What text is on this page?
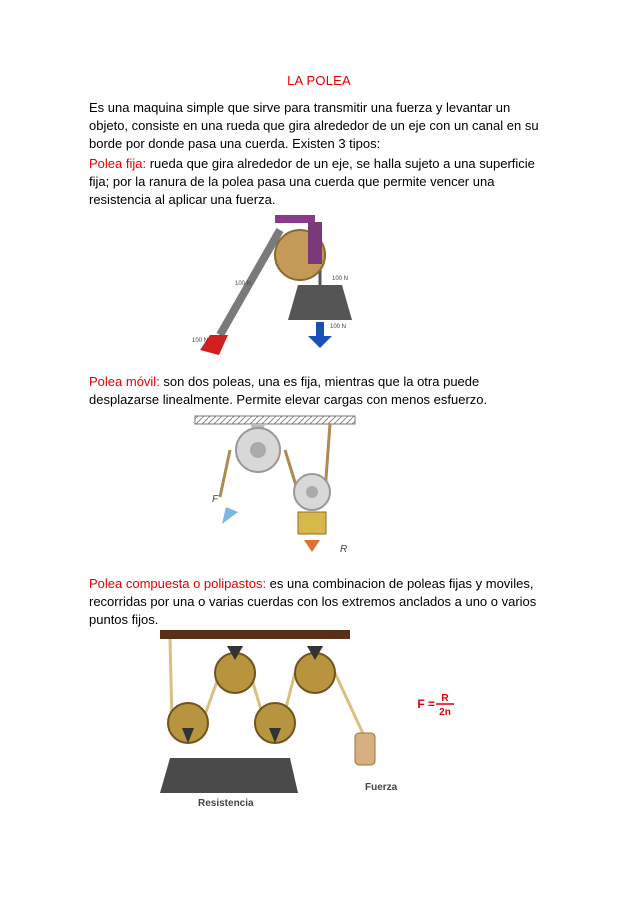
LA POLEA

Es una maquina simple que sirve para transmitir una fuerza y levantar un objeto, consiste en una rueda que gira alrededor de un eje con un canal en su borde por donde pasa una cuerda. Existen 3 tipos:

Polea fija: rueda que gira alrededor de un eje, se halla sujeto a una superficie fija; por la ranura de la polea pasa una cuerda que permite vencer una resistencia al aplicar una fuerza.

100 N
100 N
100 N
100 N

Polea móvil: son dos poleas, una es fija, mientras que la otra puede desplazarse linealmente. Permite elevar cargas con menos esfuerzo.

F
R

Polea compuesta o polipastos: es una combinacion de poleas fijas y moviles, recorridas por una o varias cuerdas con los extremos anclados a uno o varios puntos fijos.

F = R
2n
Resistencia
Fuerza
